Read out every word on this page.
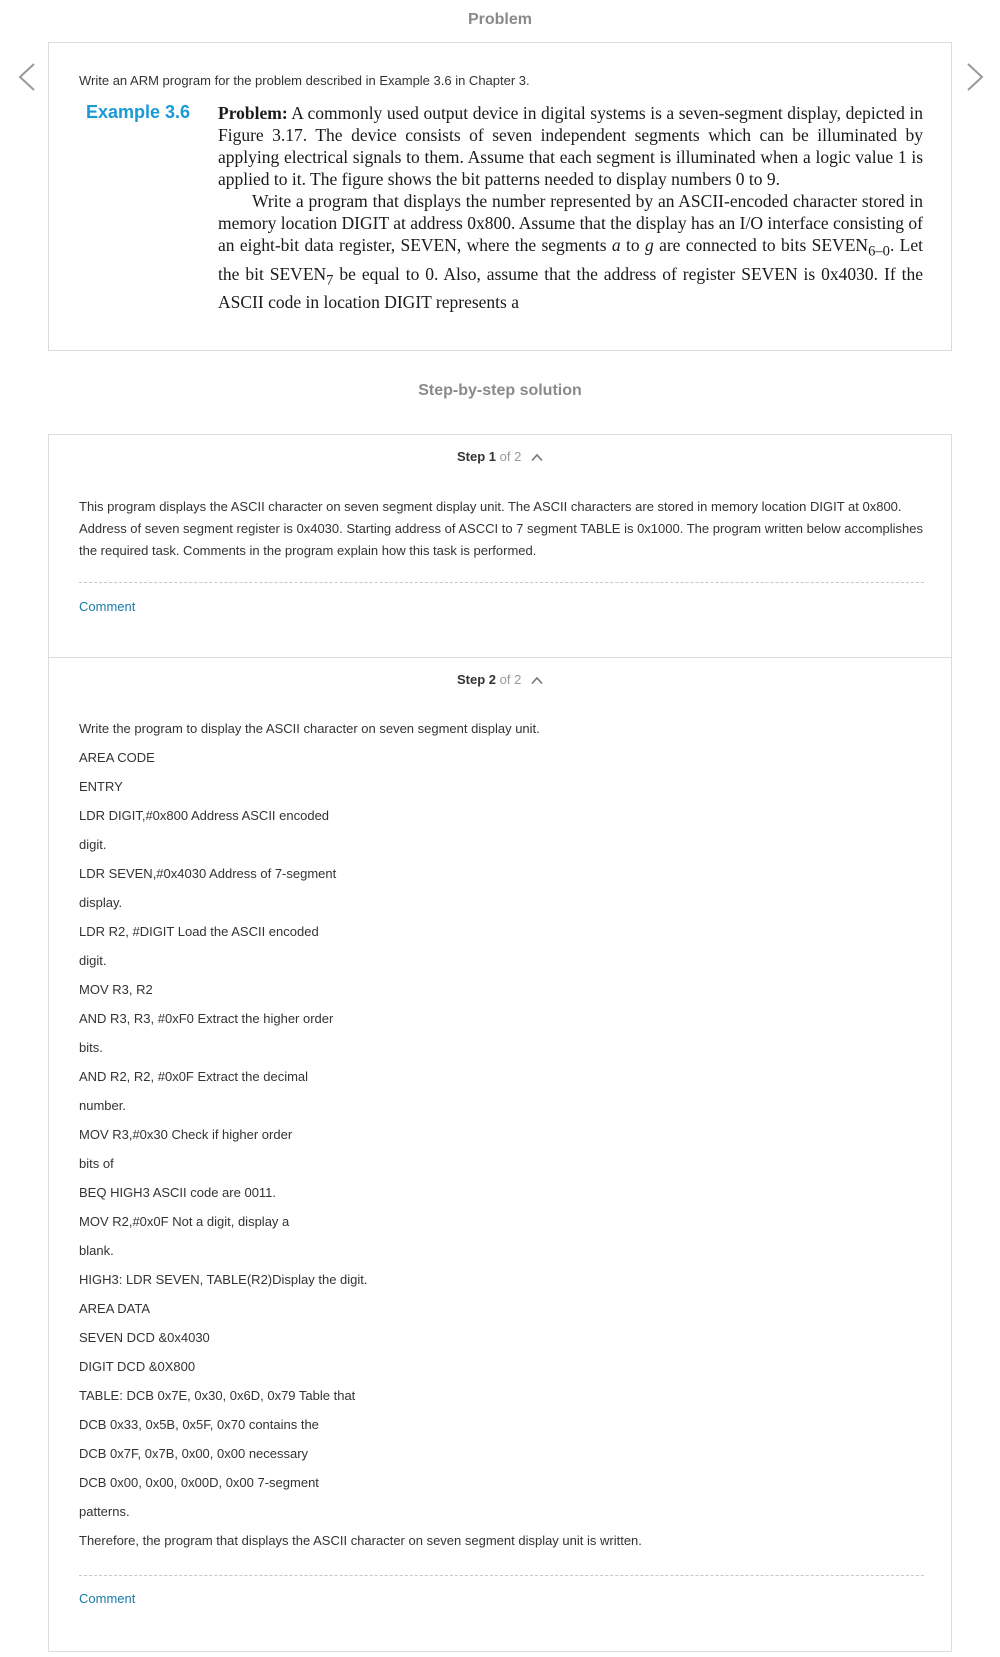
Problem
Write an ARM program for the problem described in Example 3.6 in Chapter 3.
Example 3.6 Problem: A commonly used output device in digital systems is a seven-segment display, depicted in Figure 3.17. The device consists of seven independent segments which can be illuminated by applying electrical signals to them. Assume that each segment is illuminated when a logic value 1 is applied to it. The figure shows the bit patterns needed to display numbers 0 to 9.

Write a program that displays the number represented by an ASCII-encoded character stored in memory location DIGIT at address 0x800. Assume that the display has an I/O interface consisting of an eight-bit data register, SEVEN, where the segments a to g are connected to bits $SEVEN_{6-0}$. Let the bit $SEVEN_7$ be equal to 0. Also, assume that the address of register SEVEN is 0x4030. If the ASCII code in location DIGIT represents a

Step-by-step solution
Step 1 of 2
This program displays the ASCII character on seven segment display unit. The ASCII characters are stored in memory location DIGIT at 0x800. Address of seven segment register is 0x4030. Starting address of ASCCI to 7 segment TABLE is 0x1000. The program written below accomplishes the required task. Comments in the program explain how this task is performed.
Comment
Step 2 of 2
Write the program to display the ASCII character on seven segment display unit.
AREA CODE
ENTRY
LDR DIGIT,#0x800 Address ASCII encoded
digit.
LDR SEVEN,#0x4030 Address of 7-segment
display.
LDR R2, #DIGIT Load the ASCII encoded
digit.
MOV R3, R2
AND R3, R3, #0xF0 Extract the higher order
bits.
AND R2, R2, #0x0F Extract the decimal
number.
MOV R3,#0x30 Check if higher order
bits of
BEQ HIGH3 ASCII code are 0011.
MOV R2,#0x0F Not a digit, display a
blank.
HIGH3: LDR SEVEN, TABLE(R2)Display the digit.
AREA DATA
SEVEN DCD &0x4030
DIGIT DCD &0X800
TABLE: DCB 0x7E, 0x30, 0x6D, 0x79 Table that
DCB 0x33, 0x5B, 0x5F, 0x70 contains the
DCB 0x7F, 0x7B, 0x00, 0x00 necessary
DCB 0x00, 0x00, 0x00D, 0x00 7-segment
patterns.
Therefore, the program that displays the ASCII character on seven segment display unit is written.
Comment
